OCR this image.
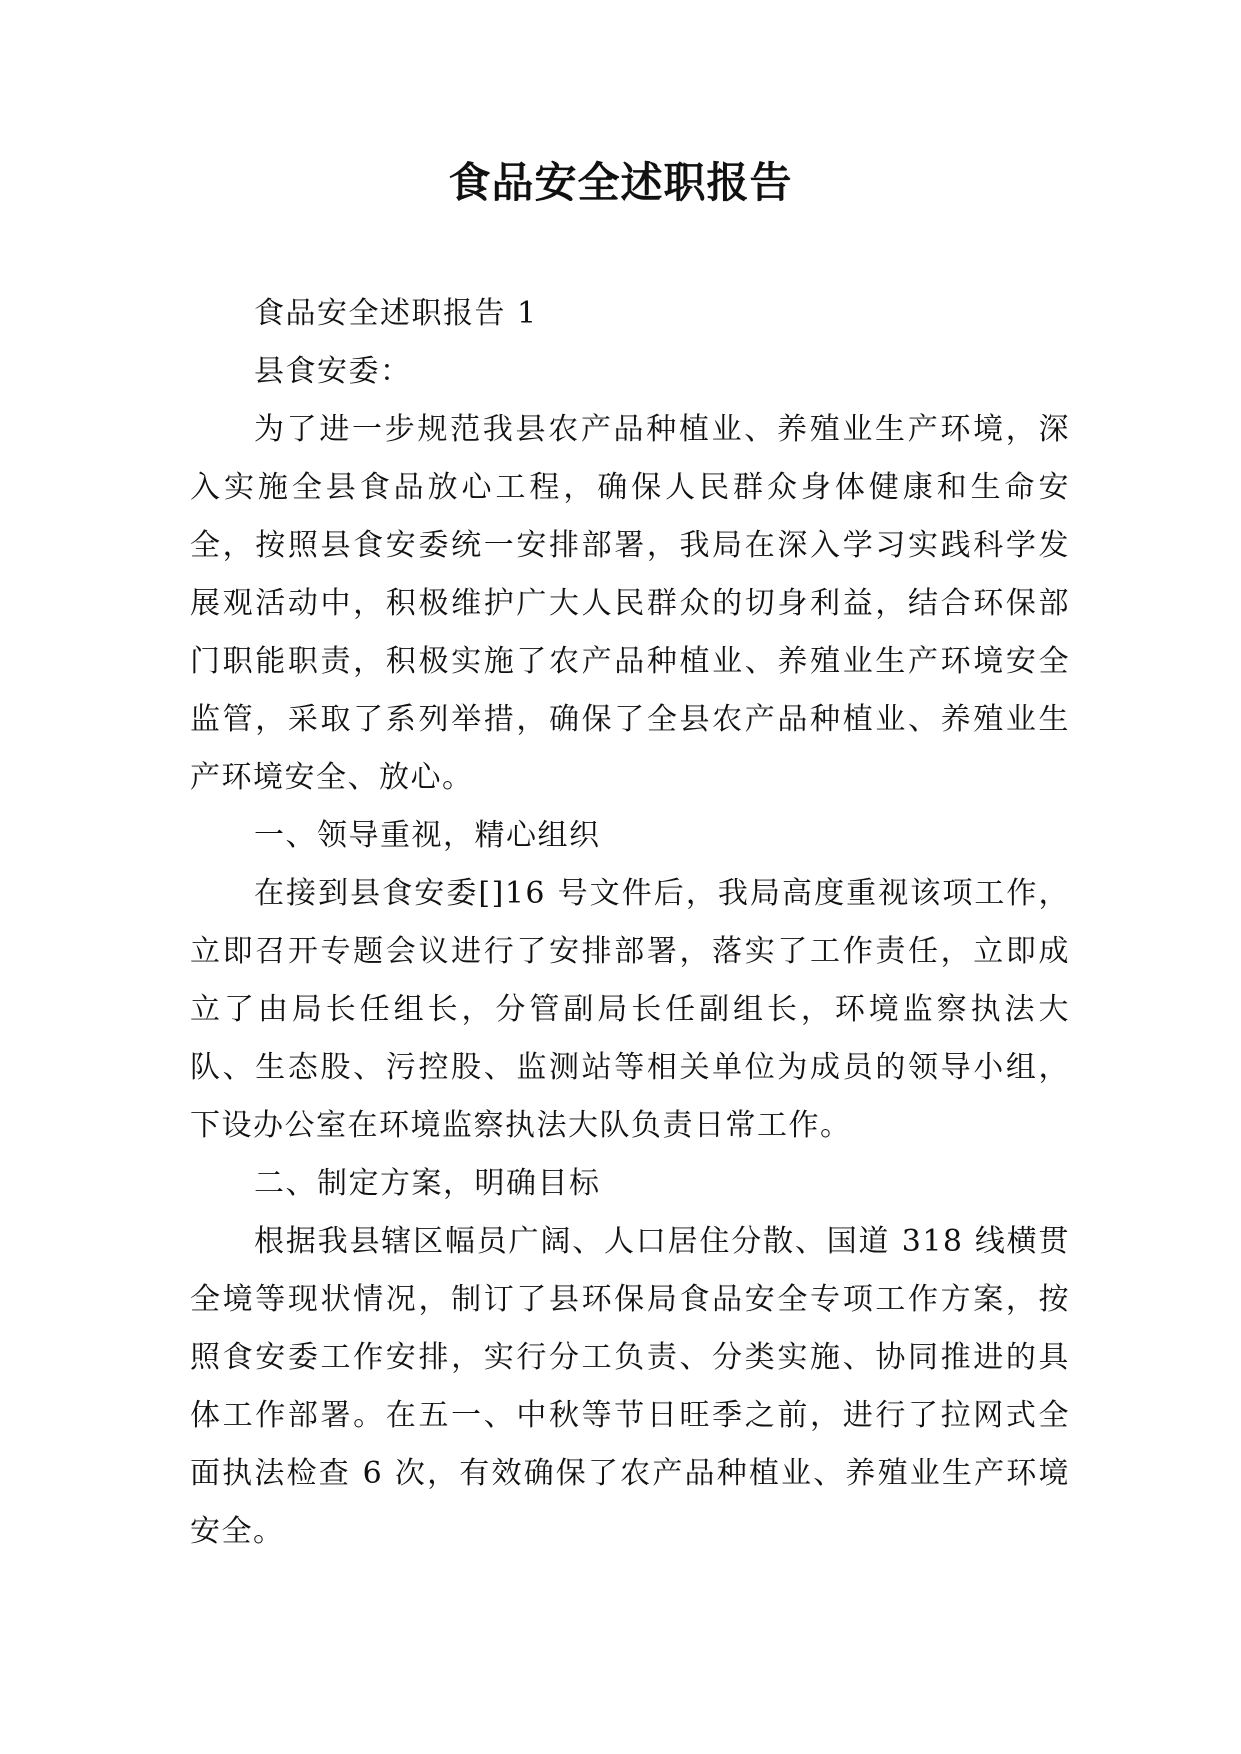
食品安全述职报告

食品安全述职报告 1

县食安委：

为了进一步规范我县农产品种植业、养殖业生产环境，深入实施全县食品放心工程，确保人民群众身体健康和生命安全，按照县食安委统一安排部署，我局在深入学习实践科学发展观活动中，积极维护广大人民群众的切身利益，结合环保部门职能职责，积极实施了农产品种植业、养殖业生产环境安全监管，采取了系列举措，确保了全县农产品种植业、养殖业生产环境安全、放心。

一、领导重视，精心组织

在接到县食安委[]16 号文件后，我局高度重视该项工作，立即召开专题会议进行了安排部署，落实了工作责任，立即成立了由局长任组长，分管副局长任副组长，环境监察执法大队、生态股、污控股、监测站等相关单位为成员的领导小组，下设办公室在环境监察执法大队负责日常工作。

二、制定方案，明确目标

根据我县辖区幅员广阔、人口居住分散、国道 318 线横贯全境等现状情况，制订了县环保局食品安全专项工作方案，按照食安委工作安排，实行分工负责、分类实施、协同推进的具体工作部署。在五一、中秋等节日旺季之前，进行了拉网式全面执法检查 6 次，有效确保了农产品种植业、养殖业生产环境安全。
